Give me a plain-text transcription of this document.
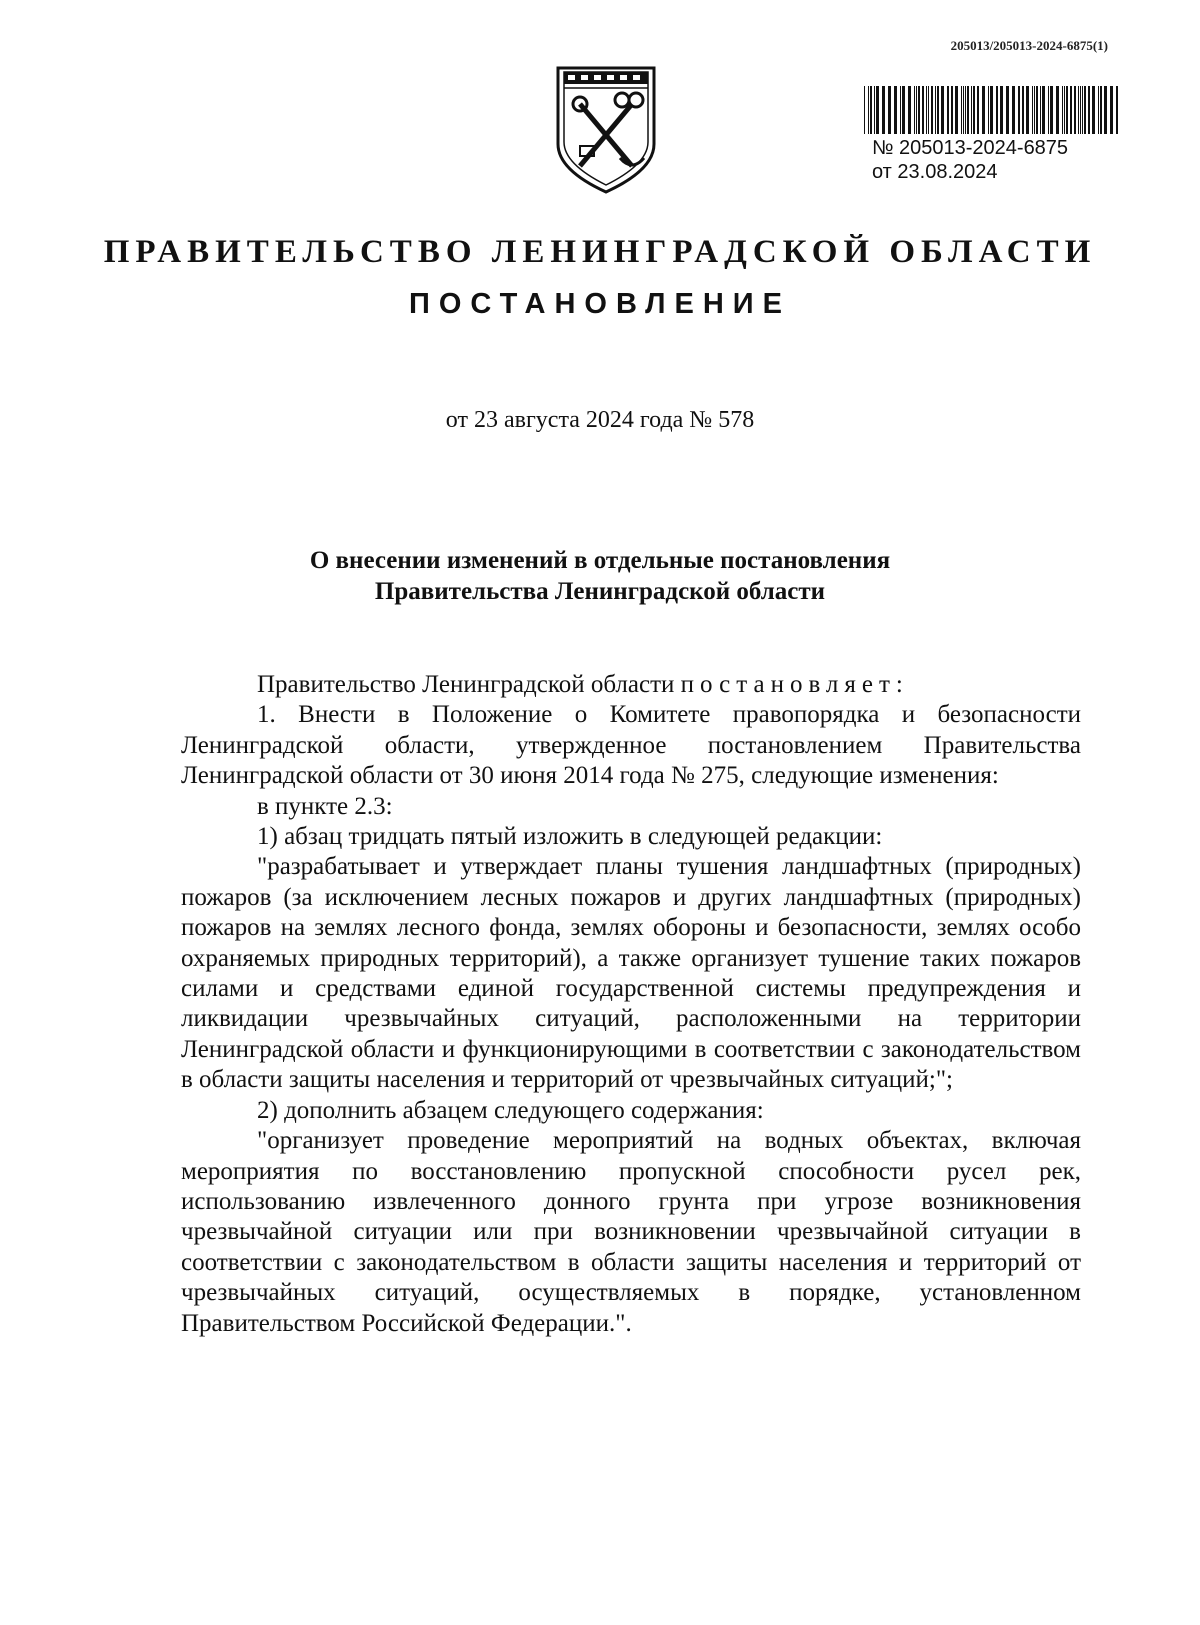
205013/205013-2024-6875(1)
№ 205013-2024-6875
от 23.08.2024
ПРАВИТЕЛЬСТВО ЛЕНИНГРАДСКОЙ ОБЛАСТИ
ПОСТАНОВЛЕНИЕ
от 23 августа 2024 года № 578
О внесении изменений в отдельные постановления
Правительства Ленинградской области

Правительство Ленинградской области постановляет:

1. Внести в Положение о Комитете правопорядка и безопасности Ленинградской области, утвержденное постановлением Правительства Ленинградской области от 30 июня 2014 года № 275, следующие изменения:

в пункте 2.3:

1) абзац тридцать пятый изложить в следующей редакции:

"разрабатывает и утверждает планы тушения ландшафтных (природных) пожаров (за исключением лесных пожаров и других ландшафтных (природных) пожаров на землях лесного фонда, землях обороны и безопасности, землях особо охраняемых природных территорий), а также организует тушение таких пожаров силами и средствами единой государственной системы предупреждения и ликвидации чрезвычайных ситуаций, расположенными на территории Ленинградской области и функционирующими в соответствии с законодательством в области защиты населения и территорий от чрезвычайных ситуаций;";

2) дополнить абзацем следующего содержания:

"организует проведение мероприятий на водных объектах, включая мероприятия по восстановлению пропускной способности русел рек, использованию извлеченного донного грунта при угрозе возникновения чрезвычайной ситуации или при возникновении чрезвычайной ситуации в соответствии с законодательством в области защиты населения и территорий от чрезвычайных ситуаций, осуществляемых в порядке, установленном Правительством Российской Федерации.".
